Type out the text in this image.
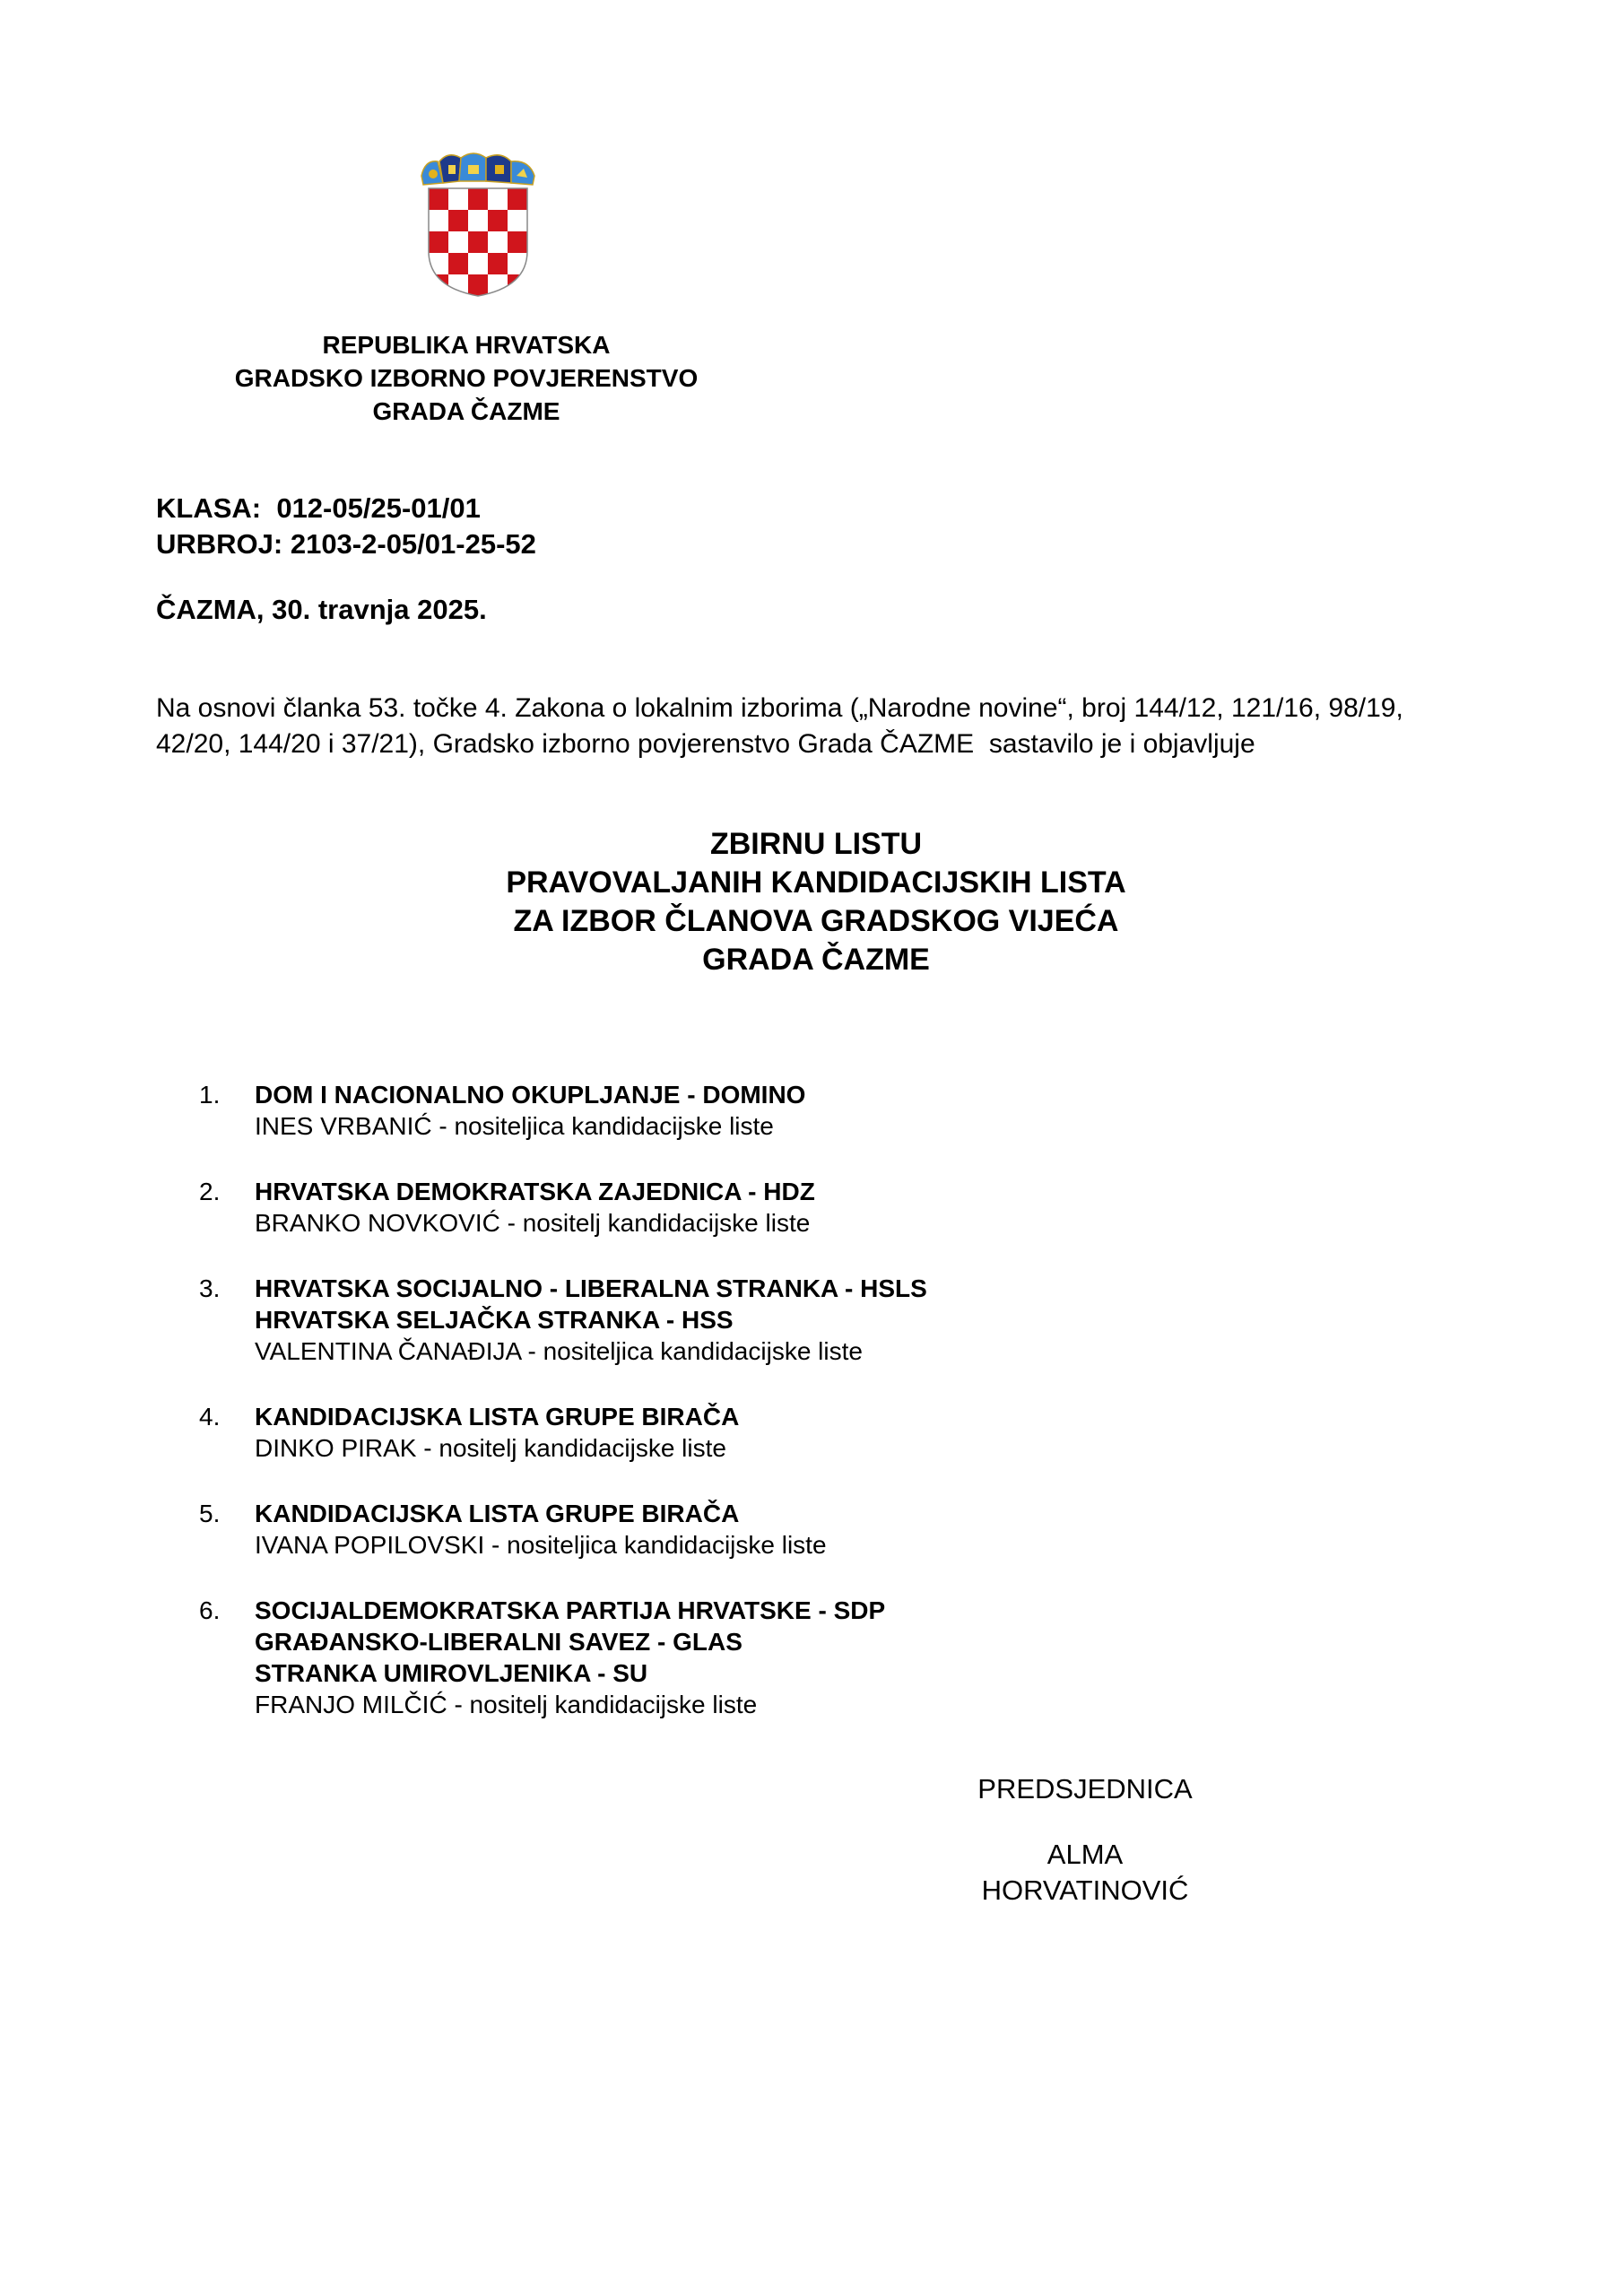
REPUBLIKA HRVATSKA
GRADSKO IZBORNO POVJERENSTVO
GRADA ČAZME
KLASA:  012-05/25-01/01
URBROJ: 2103-2-05/01-25-52
ČAZMA, 30. travnja 2025.
Na osnovi članka 53. točke 4. Zakona o lokalnim izborima („Narodne novine“, broj 144/12, 121/16, 98/19, 42/20, 144/20 i 37/21), Gradsko izborno povjerenstvo Grada ČAZME  sastavilo je i objavljuje
ZBIRNU LISTU
PRAVOVALJANIH KANDIDACIJSKIH LISTA
ZA IZBOR ČLANOVA GRADSKOG VIJEĆA
GRADA ČAZME
1.	DOM I NACIONALNO OKUPLJANJE - DOMINO
INES VRBANIĆ - nositeljica kandidacijske liste
2.	HRVATSKA DEMOKRATSKA ZAJEDNICA - HDZ
BRANKO NOVKOVIĆ - nositelj kandidacijske liste
3.	HRVATSKA SOCIJALNO - LIBERALNA STRANKA - HSLS
HRVATSKA SELJAČKA STRANKA - HSS
VALENTINA ČANAĐIJA - nositeljica kandidacijske liste
4.	KANDIDACIJSKA LISTA GRUPE BIRAČA
DINKO PIRAK - nositelj kandidacijske liste
5.	KANDIDACIJSKA LISTA GRUPE BIRAČA
IVANA POPILOVSKI - nositeljica kandidacijske liste
6.	SOCIJALDEMOKRATSKA PARTIJA HRVATSKE - SDP
GRAĐANSKO-LIBERALNI SAVEZ - GLAS
STRANKA UMIROVLJENIKA - SU
FRANJO MILČIĆ - nositelj kandidacijske liste
PREDSJEDNICA
ALMA HORVATINOVIĆ
